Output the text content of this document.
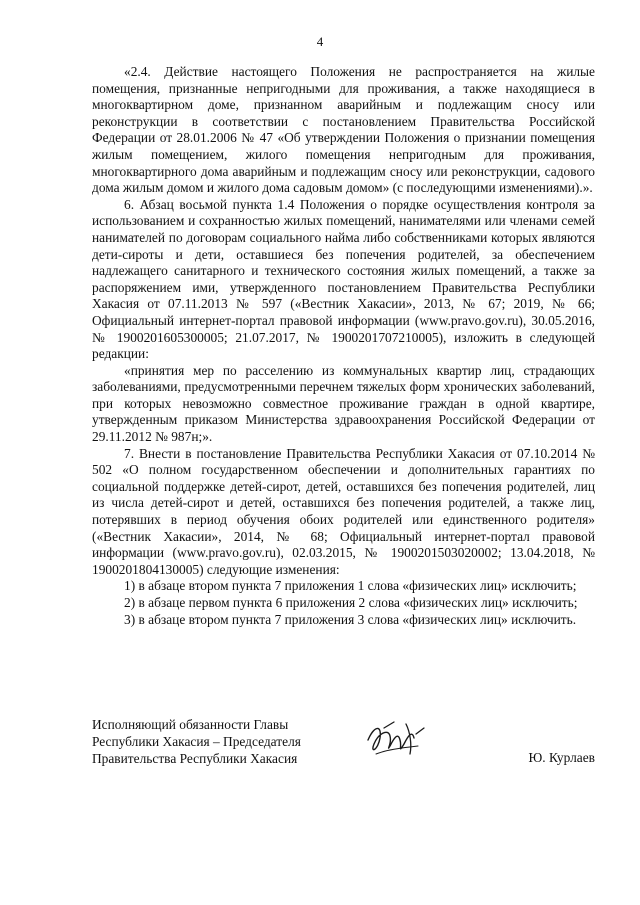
4

«2.4. Действие настоящего Положения не распространяется на жилые помещения, признанные непригодными для проживания, а также находящиеся в многоквартирном доме, признанном аварийным и подлежащим сносу или реконструкции в соответствии с постановлением Правительства Российской Федерации от 28.01.2006 № 47 «Об утверждении Положения о признании помещения жилым помещением, жилого помещения непригодным для проживания, многоквартирного дома аварийным и подлежащим сносу или реконструкции, садового дома жилым домом и жилого дома садовым домом» (с последующими изменениями).».

6. Абзац восьмой пункта 1.4 Положения о порядке осуществления контроля за использованием и сохранностью жилых помещений, нанимателями или членами семей нанимателей по договорам социального найма либо собственниками которых являются дети-сироты и дети, оставшиеся без попечения родителей, за обеспечением надлежащего санитарного и технического состояния жилых помещений, а также за распоряжением ими, утвержденного постановлением Правительства Республики Хакасия от 07.11.2013 № 597 («Вестник Хакасии», 2013, № 67; 2019, № 66; Официальный интернет-портал правовой информации (www.pravo.gov.ru), 30.05.2016, № 1900201605300005; 21.07.2017, № 1900201707210005), изложить в следующей редакции:

«принятия мер по расселению из коммунальных квартир лиц, страдающих заболеваниями, предусмотренными перечнем тяжелых форм хронических заболеваний, при которых невозможно совместное проживание граждан в одной квартире, утвержденным приказом Министерства здравоохранения Российской Федерации от 29.11.2012 № 987н;».

7. Внести в постановление Правительства Республики Хакасия от 07.10.2014 № 502 «О полном государственном обеспечении и дополнительных гарантиях по социальной поддержке детей-сирот, детей, оставшихся без попечения родителей, лиц из числа детей-сирот и детей, оставшихся без попечения родителей, а также лиц, потерявших в период обучения обоих родителей или единственного родителя» («Вестник Хакасии», 2014, № 68; Официальный интернет-портал правовой информации (www.pravo.gov.ru), 02.03.2015, № 1900201503020002; 13.04.2018, № 1900201804130005) следующие изменения:

1) в абзаце втором пункта 7 приложения 1 слова «физических лиц» исключить;

2) в абзаце первом пункта 6 приложения 2 слова «физических лиц» исключить;

3) в абзаце втором пункта 7 приложения 3 слова «физических лиц» исключить.

Исполняющий обязанности Главы
Республики Хакасия – Председателя
Правительства Республики Хакасия	Ю. Курлаев
